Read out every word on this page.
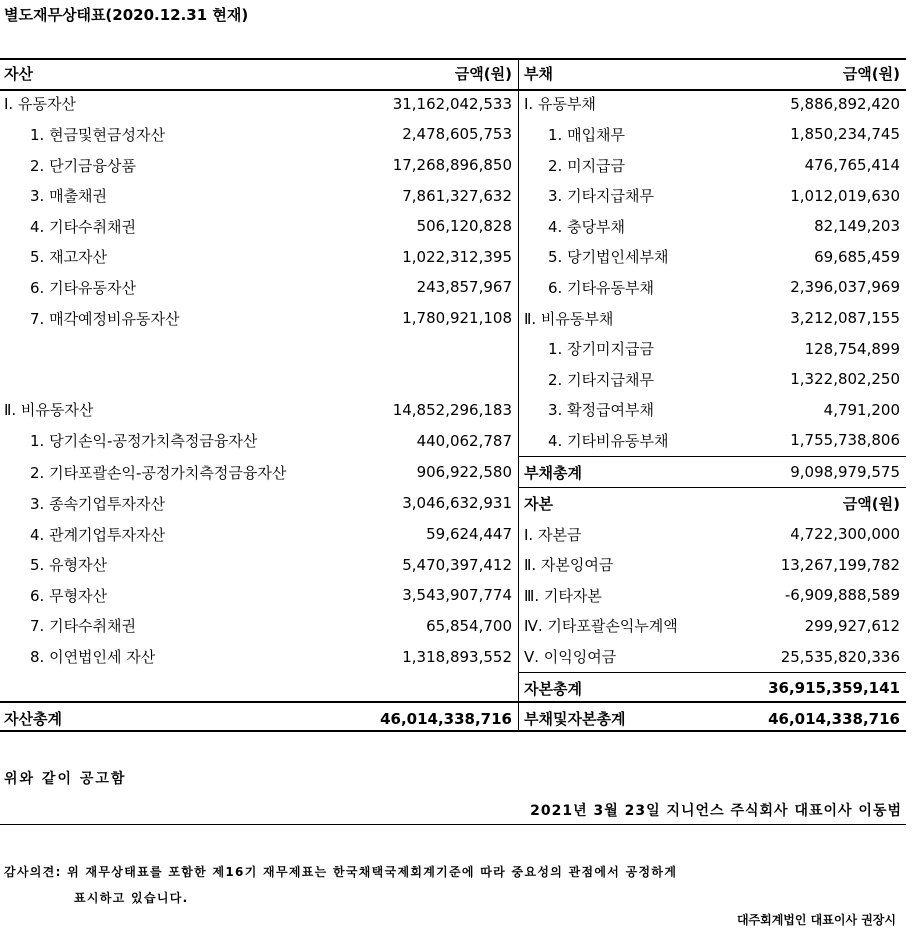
별도재무상태표(2020.12.31 현재)
자산	금액(원)	부채	금액(원)
Ⅰ. 유동자산	31,162,042,533	Ⅰ. 유동부채	5,886,892,420
1. 현금및현금성자산	2,478,605,753	1. 매입채무	1,850,234,745
2. 단기금융상품	17,268,896,850	2. 미지급금	476,765,414
3. 매출채권	7,861,327,632	3. 기타지급채무	1,012,019,630
4. 기타수취채권	506,120,828	4. 충당부채	82,149,203
5. 재고자산	1,022,312,395	5. 당기법인세부채	69,685,459
6. 기타유동자산	243,857,967	6. 기타유동부채	2,396,037,969
7. 매각예정비유동자산	1,780,921,108	Ⅱ. 비유동부채	3,212,087,155
		1. 장기미지급금	128,754,899
		2. 기타지급채무	1,322,802,250
Ⅱ. 비유동자산	14,852,296,183	3. 확정급여부채	4,791,200
1. 당기손익-공정가치측정금융자산	440,062,787	4. 기타비유동부채	1,755,738,806
2. 기타포괄손익-공정가치측정금융자산	906,922,580	부채총계	9,098,979,575
3. 종속기업투자자산	3,046,632,931	자본	금액(원)
4. 관계기업투자자산	59,624,447	Ⅰ. 자본금	4,722,300,000
5. 유형자산	5,470,397,412	Ⅱ. 자본잉여금	13,267,199,782
6. 무형자산	3,543,907,774	Ⅲ. 기타자본	-6,909,888,589
7. 기타수취채권	65,854,700	Ⅳ. 기타포괄손익누계액	299,927,612
8. 이연법인세 자산	1,318,893,552	Ⅴ. 이익잉여금	25,535,820,336
		자본총계	36,915,359,141
자산총계	46,014,338,716	부채및자본총계	46,014,338,716
위와 같이 공고함
2021년 3월 23일 지니언스 주식회사 대표이사 이동범
감사의견: 위 재무상태표를 포함한 제16기 재무제표는 한국채택국제회계기준에 따라 중요성의 관점에서 공정하게
표시하고 있습니다.
대주회계법인 대표이사 권장시
